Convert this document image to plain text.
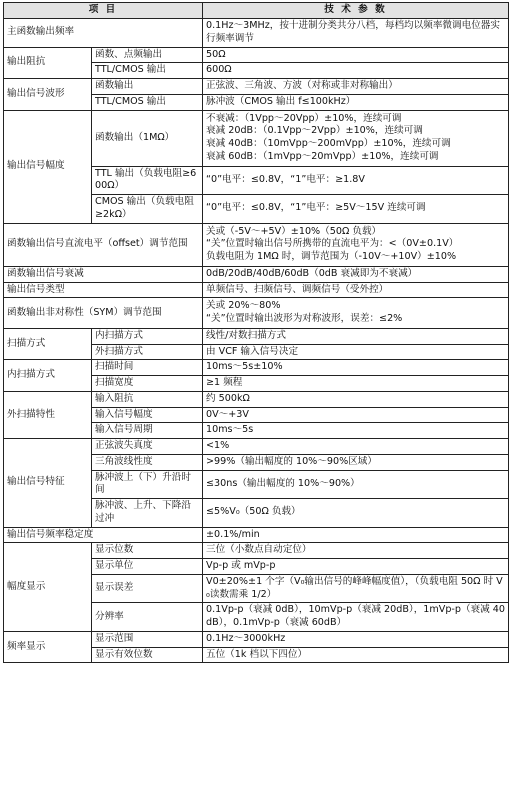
项 目		技 术 参 数
主函数输出频率		0.1Hz～3MHz，按十进制分类共分八档，每档均以频率微调电位器实行频率调节

输出阻抗	函数、点频输出	50Ω

	TTL/CMOS 输出	600Ω

输出信号波形	函数输出	正弦波、三角波、方波（对称或非对称输出）

	TTL/CMOS 输出	脉冲波（CMOS 输出 f≤100kHz）

输出信号幅度	函数输出（1MΩ）	不衰减：（1Vpp～20Vpp）±10%，连续可调
衰减 20dB：（0.1Vpp～2Vpp）±10%，连续可调
衰减 40dB：（10mVpp～200mVpp）±10%，连续可调
衰减 60dB：（1mVpp～20mVpp）±10%，连续可调

	TTL 输出（负载电阻≥600Ω）	“0”电平：≤0.8V，“1”电平：≥1.8V

	CMOS 输出（负载电阻≥2kΩ）	“0”电平：≤0.8V，“1”电平：≥5V～15V 连续可调

函数输出信号直流电平（offset）调节范围		关或（-5V～+5V）±10%（50Ω 负载）
“关”位置时输出信号所携带的直流电平为：<（0V±0.1V）
负载电阻为 1MΩ 时，调节范围为（-10V～+10V）±10%

函数输出信号衰减		0dB/20dB/40dB/60dB（0dB 衰减即为不衰减）

输出信号类型		单频信号、扫频信号、调频信号（受外控）

函数输出非对称性（SYM）调节范围		关或 20%～80%
“关”位置时输出波形为对称波形，误差：≤2%

扫描方式	内扫描方式	线性/对数扫描方式

	外扫描方式	由 VCF 输入信号决定

内扫描方式	扫描时间	10ms～5s±10%

	扫描宽度	≥1 频程

外扫描特性	输入阻抗	约 500kΩ

	输入信号幅度	0V～+3V

	输入信号周期	10ms～5s

输出信号特征	正弦波失真度	<1%

	三角波线性度	>99%（输出幅度的 10%～90%区域）

	脉冲波上（下）升沿时间	≤30ns（输出幅度的 10%～90%）

	脉冲波、上升、下降沿过冲	≤5%V₀（50Ω 负载）

输出信号频率稳定度		±0.1%/min

幅度显示	显示位数	三位（小数点自动定位）

	显示单位	Vp-p 或 mVp-p

	显示误差	V0±20%±1 个字（V₀输出信号的峰峰幅度值），（负载电阻 50Ω 时 V₀读数需乘 1/2）

	分辨率	0.1Vp-p（衰减 0dB），10mVp-p（衰减 20dB），1mVp-p（衰减 40dB），0.1mVp-p（衰减 60dB）

频率显示	显示范围	0.1Hz～3000kHz

	显示有效位数	五位（1k 档以下四位）
